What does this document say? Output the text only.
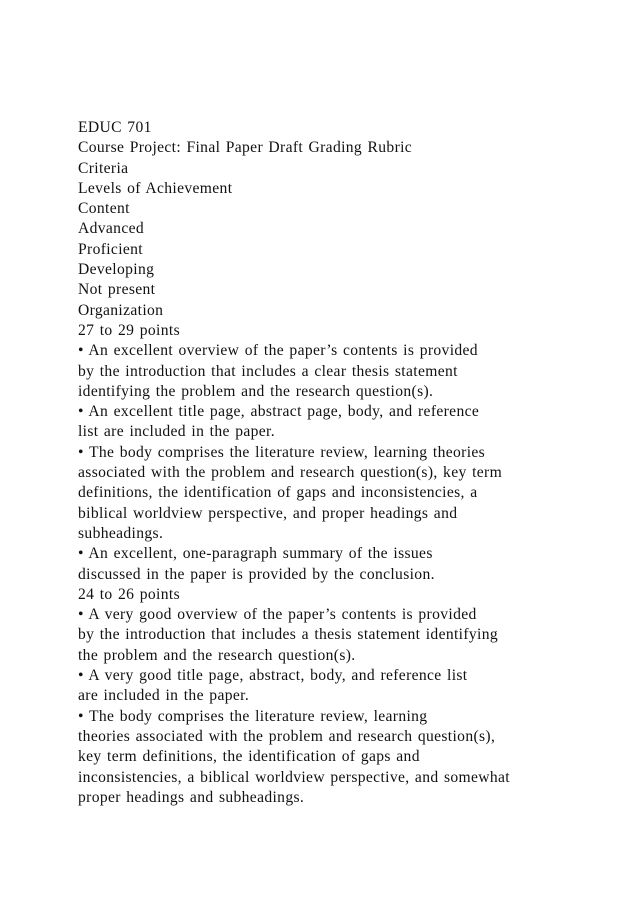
EDUC 701
Course Project: Final Paper Draft Grading Rubric
Criteria
Levels of Achievement
Content
Advanced
Proficient
Developing
Not present
Organization
27 to 29 points
• An excellent overview of the paper’s contents is provided
by the introduction that includes a clear thesis statement
identifying the problem and the research question(s).
• An excellent title page, abstract page, body, and reference
list are included in the paper.
• The body comprises the literature review, learning theories
associated with the problem and research question(s), key term
definitions, the identification of gaps and inconsistencies, a
biblical worldview perspective, and proper headings and
subheadings.
• An excellent, one-paragraph summary of the issues
discussed in the paper is provided by the conclusion.
24 to 26 points
• A very good overview of the paper’s contents is provided
by the introduction that includes a thesis statement identifying
the problem and the research question(s).
• A very good title page, abstract, body, and reference list
are included in the paper.
• The body comprises the literature review, learning
theories associated with the problem and research question(s),
key term definitions, the identification of gaps and
inconsistencies, a biblical worldview perspective, and somewhat
proper headings and subheadings.
